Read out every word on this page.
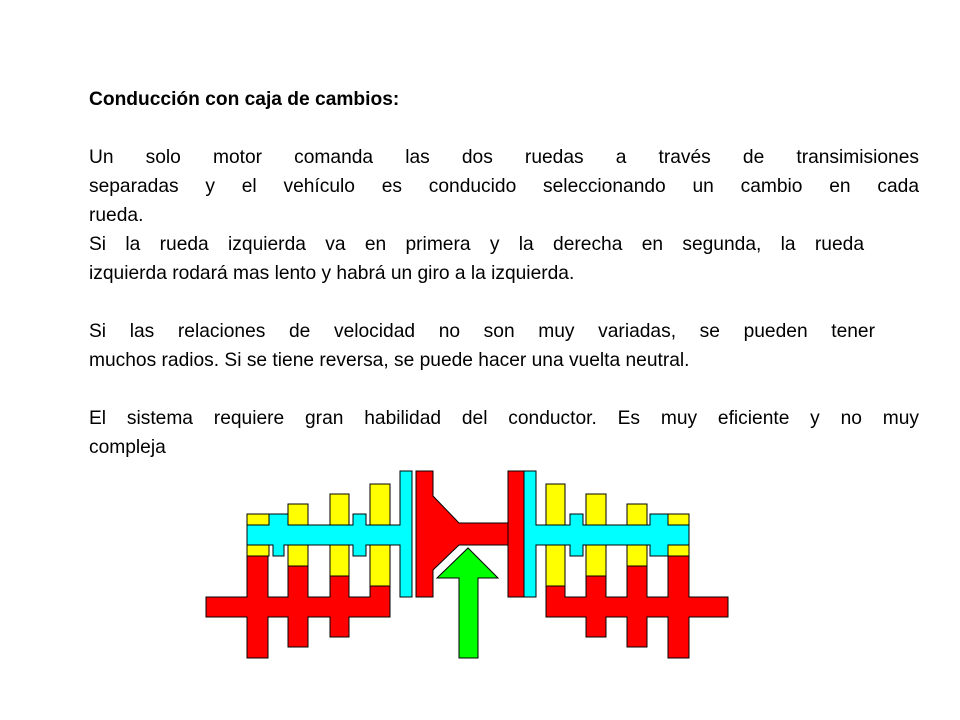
Conducción con caja de cambios:
Un solo motor comanda las dos ruedas a través de transimisiones
separadas y el vehículo es conducido seleccionando un cambio en cada
rueda.
Si la rueda izquierda va en primera y la derecha en segunda, la rueda
izquierda rodará mas lento y habrá un giro a la izquierda.
Si las relaciones de velocidad no son muy variadas, se pueden tener
muchos radios. Si se tiene reversa, se puede hacer una vuelta neutral.
El sistema requiere gran habilidad del conductor. Es muy eficiente y no muy
compleja
